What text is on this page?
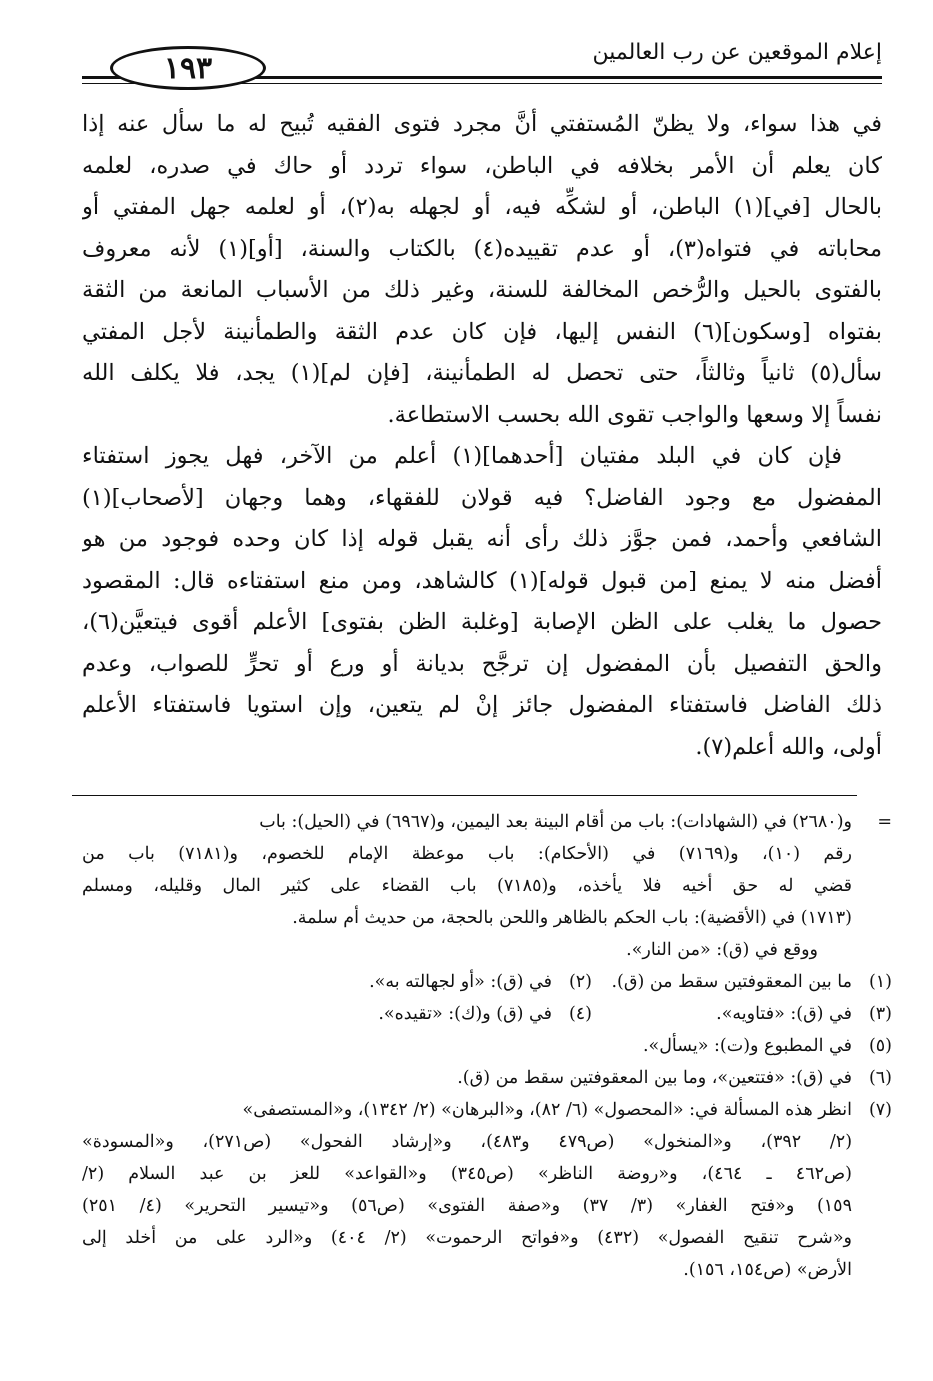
١٩٣	إعلام الموقعين عن رب العالمين
في هذا سواء، ولا يظنّ المُستفتي أنَّ مجرد فتوى الفقيه تُبيح له ما سأل عنه إذا
كان يعلم أن الأمر بخلافه في الباطن، سواء تردد أو حاك في صدره، لعلمه
بالحال [في](١) الباطن، أو لشكِّه فيه، أو لجهله به(٢)، أو لعلمه جهل المفتي أو
محاباته في فتواه(٣)، أو عدم تقييده(٤) بالكتاب والسنة، [أو](١) لأنه معروف
بالفتوى بالحيل والرُّخص المخالفة للسنة، وغير ذلك من الأسباب المانعة من الثقة
بفتواه [وسكون](٦) النفس إليها، فإن كان عدم الثقة والطمأنينة لأجل المفتي
سأل(٥) ثانياً وثالثاً، حتى تحصل له الطمأنينة، [فإن لم](١) يجد، فلا يكلف الله
نفساً إلا وسعها والواجب تقوى الله بحسب الاستطاعة.
فإن كان في البلد مفتيان [أحدهما](١) أعلم من الآخر، فهل يجوز استفتاء
المفضول مع وجود الفاضل؟ فيه قولان للفقهاء، وهما وجهان [لأصحاب](١)
الشافعي وأحمد، فمن جوَّز ذلك رأى أنه يقبل قوله إذا كان وحده فوجود من هو
أفضل منه لا يمنع [من قبول قوله](١) كالشاهد، ومن منع استفتاءه قال: المقصود
حصول ما يغلب على الظن الإصابة [وغلبة الظن بفتوى] الأعلم أقوى فيتعيَّن(٦)،
والحق التفصيل بأن المفضول إن ترجَّح بديانة أو ورع أو تحرٍّ للصواب، وعدم
ذلك الفاضل فاستفتاء المفضول جائز إنْ لم يتعين، وإن استويا فاستفتاء الأعلم
أولى، والله أعلم(٧).
=و(٢٦٨٠) في (الشهادات): باب من أقام البينة بعد اليمين، و(٦٩٦٧) في (الحيل): باب
رقم (١٠)، و(٧١٦٩) في (الأحكام): باب موعظة الإمام للخصوم، و(٧١٨١) باب من
قضي له حق أخيه فلا يأخذه، و(٧١٨٥) باب القضاء على كثير المال وقليله، ومسلم
(١٧١٣) في (الأقضية): باب الحكم بالظاهر واللحن بالحجة، من حديث أم سلمة.
ووقع في (ق): «من النار».
(١)ما بين المعقوفتين سقط من (ق).
(٢)في (ق): «أو لجهالته به».
(٣)في (ق): «فتاويه».
(٤)في (ق) و(ك): «تقيده».
(٥)في المطبوع و(ت): «يسأل».
(٦)في (ق): «فتتعين»، وما بين المعقوفتين سقط من (ق).
(٧)انظر هذه المسألة في: «المحصول» (٦/ ٨٢)، و«البرهان» (٢/ ١٣٤٢)، و«المستصفى»
(٢/ ٣٩٢)، و«المنخول» (ص٤٧٩ و٤٨٣)، و«إرشاد الفحول» (ص٢٧١)، و«المسودة»
(ص٤٦٢ ـ ٤٦٤)، و«روضة الناظر» (ص٣٤٥) و«القواعد» للعز بن عبد السلام (٢/
١٥٩) و«فتح الغفار» (٣/ ٣٧) و«صفة الفتوى» (ص٥٦) و«تيسير التحرير» (٤/ ٢٥١)
و«شرح تنقيح الفصول» (٤٣٢) و«فواتح الرحموت» (٢/ ٤٠٤) و«الرد على من أخلد إلى
الأرض» (ص١٥٤، ١٥٦).
